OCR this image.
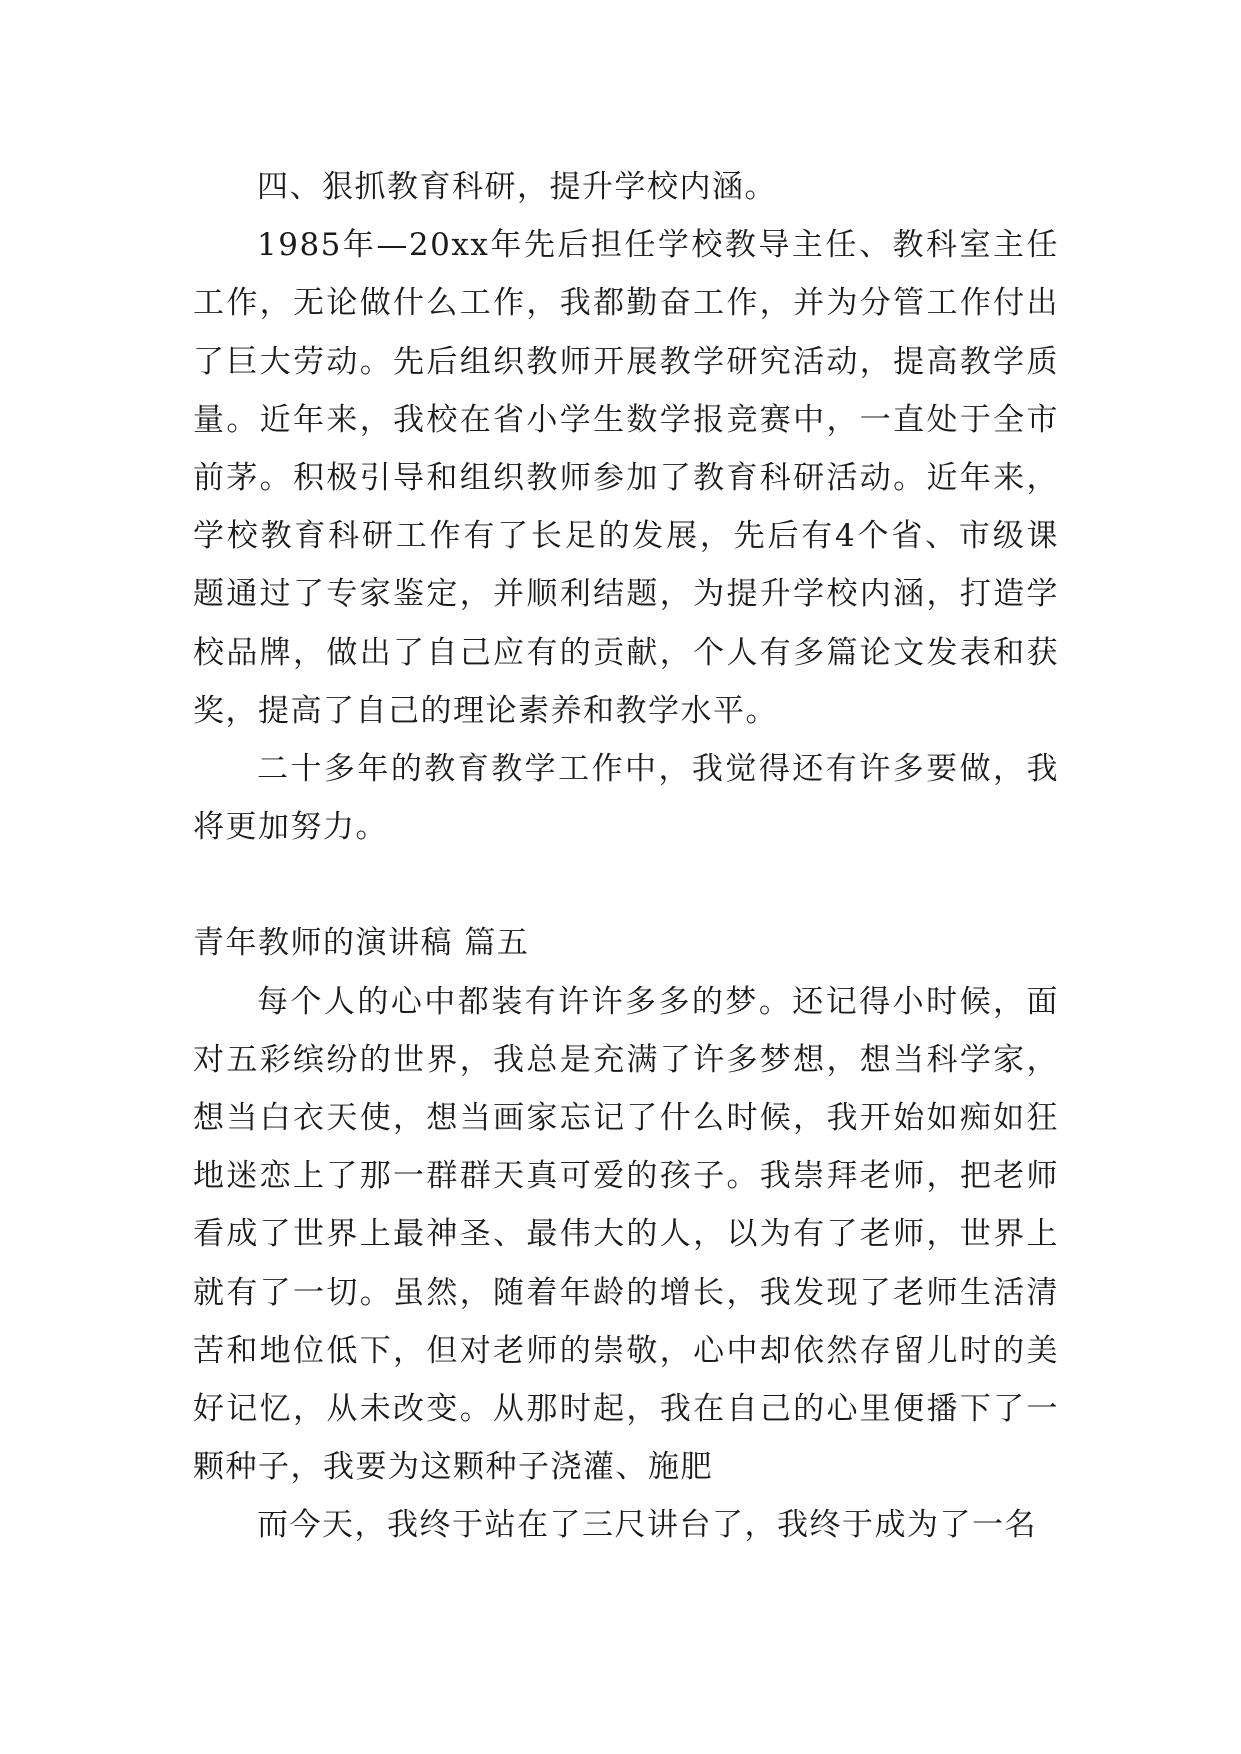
四、狠抓教育科研，提升学校内涵。

1985年—20xx年先后担任学校教导主任、教科室主任工作，无论做什么工作，我都勤奋工作，并为分管工作付出了巨大劳动。先后组织教师开展教学研究活动，提高教学质量。近年来，我校在省小学生数学报竞赛中，一直处于全市前茅。积极引导和组织教师参加了教育科研活动。近年来，学校教育科研工作有了长足的发展，先后有4个省、市级课题通过了专家鉴定，并顺利结题，为提升学校内涵，打造学校品牌，做出了自己应有的贡献，个人有多篇论文发表和获奖，提高了自己的理论素养和教学水平。

二十多年的教育教学工作中，我觉得还有许多要做，我将更加努力。

青年教师的演讲稿 篇五

每个人的心中都装有许许多多的梦。还记得小时候，面对五彩缤纷的世界，我总是充满了许多梦想，想当科学家，想当白衣天使，想当画家忘记了什么时候，我开始如痴如狂地迷恋上了那一群群天真可爱的孩子。我崇拜老师，把老师看成了世界上最神圣、最伟大的人，以为有了老师，世界上就有了一切。虽然，随着年龄的增长，我发现了老师生活清苦和地位低下，但对老师的崇敬，心中却依然存留儿时的美好记忆，从未改变。从那时起，我在自己的心里便播下了一颗种子，我要为这颗种子浇灌、施肥

而今天，我终于站在了三尺讲台了，我终于成为了一名
